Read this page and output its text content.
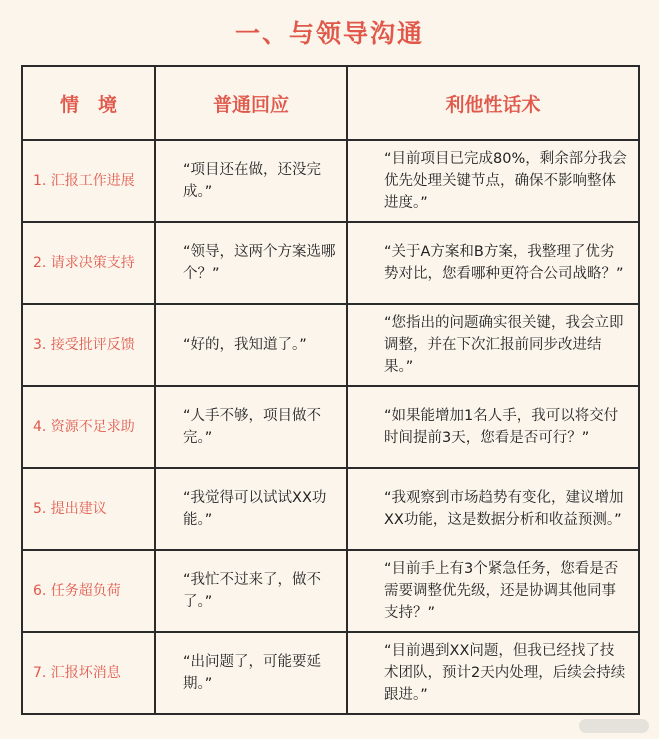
一、与领导沟通
情　境	普通回应	利他性话术
1. 汇报工作进展	“项目还在做，还没完成。”	“目前项目已完成80%，剩余部分我会优先处理关键节点，确保不影响整体进度。”
2. 请求决策支持	“领导，这两个方案选哪个？”	“关于A方案和B方案，我整理了优劣势对比，您看哪种更符合公司战略？”
3. 接受批评反馈	“好的，我知道了。”	“您指出的问题确实很关键，我会立即调整，并在下次汇报前同步改进结果。”
4. 资源不足求助	“人手不够，项目做不完。”	“如果能增加1名人手，我可以将交付时间提前3天，您看是否可行？”
5. 提出建议	“我觉得可以试试XX功能。”	“我观察到市场趋势有变化，建议增加XX功能，这是数据分析和收益预测。”
6. 任务超负荷	“我忙不过来了，做不了。”	“目前手上有3个紧急任务，您看是否需要调整优先级，还是协调其他同事支持？”
7. 汇报坏消息	“出问题了，可能要延期。”	“目前遇到XX问题，但我已经找了技术团队，预计2天内处理，后续会持续跟进。”
